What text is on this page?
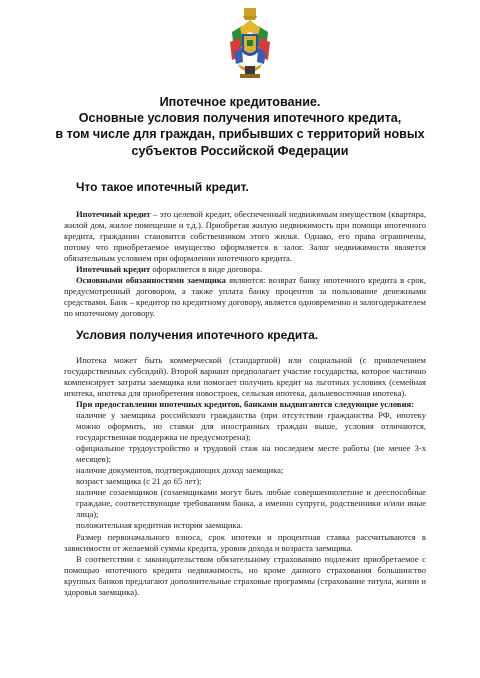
Ипотечное кредитование.
Основные условия получения ипотечного кредита,
в том числе для граждан, прибывших с территорий новых
субъектов Российской Федерации
Что такое ипотечный кредит.

Ипотечный кредит – это целевой кредит, обеспеченный недвижимым имуществом (квартира, жилой дом, жилое помещение и т.д.). Приобретая жилую недвижимость при помощи ипотечного кредита, гражданин становится собственником этого жилья. Однако, его права ограничены, потому что приобретаемое имущество оформляется в залог. Залог недвижимости является обязательным условием при оформлении ипотечного кредита.

Ипотечный кредит оформляется в виде договора.

Основными обязанностями заемщика являются: возврат банку ипотечного кредита в срок, предусмотренный договором, а также уплата банку процентов за пользование денежными средствами. Банк – кредитор по кредитному договору, является одновременно и залогодержателем по ипотечному договору.

Условия получения ипотечного кредита.

Ипотека может быть коммерческой (стандартной) или социальной (с привлечением государственных субсидий). Второй вариант предполагает участие государства, которое частично компенсирует затраты заемщика или помогает получить кредит на льготных условиях (семейная ипотека, ипотека для приобретения новостроек, сельская ипотека, дальневосточная ипотека).

При предоставлении ипотечных кредитов, банками выдвигаются следующие условия:

наличие у заемщика российского гражданства (при отсутствии гражданства РФ, ипотеку можно оформить, но ставки для иностранных граждан выше, условия отличаются, государственная поддержка не предусмотрена);

официальное трудоустройство и трудовой стаж на последнем месте работы (не менее 3-х месяцев);

наличие документов, подтверждающих доход заемщика;

возраст заемщика (с 21 до 65 лет);

наличие созаемщиков (созаемщиками могут быть любые совершеннолетние и дееспособные граждане, соответствующие требованиям банка, а именно супруги, родственники и/или иные лица);

положительная кредитная история заемщика.

Размер первоначального взноса, срок ипотеки и процентная ставка рассчитываются в зависимости от желаемой суммы кредита, уровня дохода и возраста заемщика.

В соответствии с законодательством обязательному страхованию подлежит приобретаемое с помощью ипотечного кредита недвижимость, но кроме данного страхования большинство крупных банков предлагают дополнительные страховые программы (страхование титула, жизни и здоровья заемщика).
